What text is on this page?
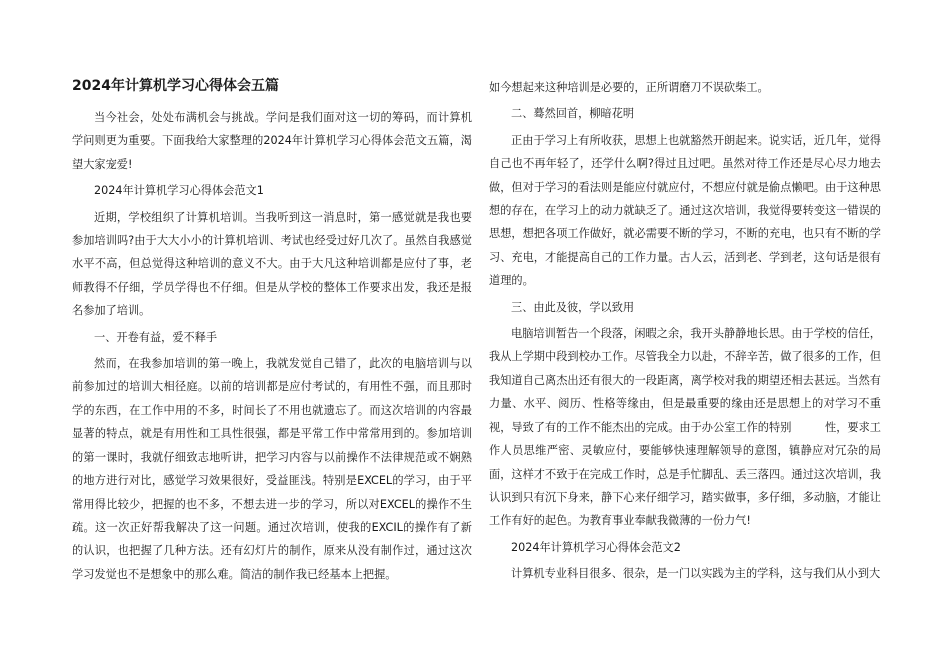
2024年计算机学习心得体会五篇

当今社会，处处布满机会与挑战。学问是我们面对这一切的筹码，而计算机学问则更为重要。下面我给大家整理的2024年计算机学习心得体会范文五篇，渴望大家宠爱!

2024年计算机学习心得体会范文1

近期，学校组织了计算机培训。当我听到这一消息时，第一感觉就是我也要参加培训吗?由于大大小小的计算机培训、考试也经受过好几次了。虽然自我感觉水平不高，但总觉得这种培训的意义不大。由于大凡这种培训都是应付了事，老师教得不仔细，学员学得也不仔细。但是从学校的整体工作要求出发，我还是报名参加了培训。

一、开卷有益，爱不释手

然而，在我参加培训的第一晚上，我就发觉自己错了，此次的电脑培训与以前参加过的培训大相径庭。以前的培训都是应付考试的，有用性不强，而且那时学的东西，在工作中用的不多，时间长了不用也就遗忘了。而这次培训的内容最显著的特点，就是有用性和工具性很强，都是平常工作中常常用到的。参加培训的第一课时，我就仔细致志地听讲，把学习内容与以前操作不法律规范或不娴熟的地方进行对比，感觉学习效果很好，受益匪浅。特别是EXCEL的学习，由于平常用得比较少，把握的也不多，不想去进一步的学习，所以对EXCEL的操作不生疏。这一次正好帮我解决了这一问题。通过次培训，使我的EXCIL的操作有了新的认识，也把握了几种方法。还有幻灯片的制作，原来从没有制作过，通过这次学习发觉也不是想象中的那么难。简洁的制作我已经基本上把握。

如今想起来这种培训是必要的，正所谓磨刀不误砍柴工。

二、蓦然回首，柳暗花明

正由于学习上有所收获，思想上也就豁然开朗起来。说实话，近几年，觉得自己也不再年轻了，还学什么啊?得过且过吧。虽然对待工作还是尽心尽力地去做，但对于学习的看法则是能应付就应付，不想应付就是偷点懒吧。由于这种思想的存在，在学习上的动力就缺乏了。通过这次培训，我觉得要转变这一错误的思想，想把各项工作做好，就必需要不断的学习，不断的充电，也只有不断的学习、充电，才能提高自己的工作力量。古人云，活到老、学到老，这句话是很有道理的。

三、由此及彼，学以致用

电脑培训暂告一个段落，闲暇之余，我开头静静地长思。由于学校的信任，我从上学期中段到校办工作。尽管我全力以赴，不辞辛苦，做了很多的工作，但我知道自己离杰出还有很大的一段距离，离学校对我的期望还相去甚远。当然有力量、水平、阅历、性格等缘由，但是最重要的缘由还是思想上的对学习不重视，导致了有的工作不能杰出的完成。由于办公室工作的特别　　　性，要求工作人员思维严密、灵敏应付，要能够快速理解领导的意图，镇静应对冗杂的局面，这样才不致于在完成工作时，总是手忙脚乱、丢三落四。通过这次培训，我认识到只有沉下身来，静下心来仔细学习，踏实做事，多仔细，多动脑，才能让工作有好的起色。为教育事业奉献我微薄的一份力气!

2024年计算机学习心得体会范文2

计算机专业科目很多、很杂，是一门以实践为主的学科，这与我们从小到大
